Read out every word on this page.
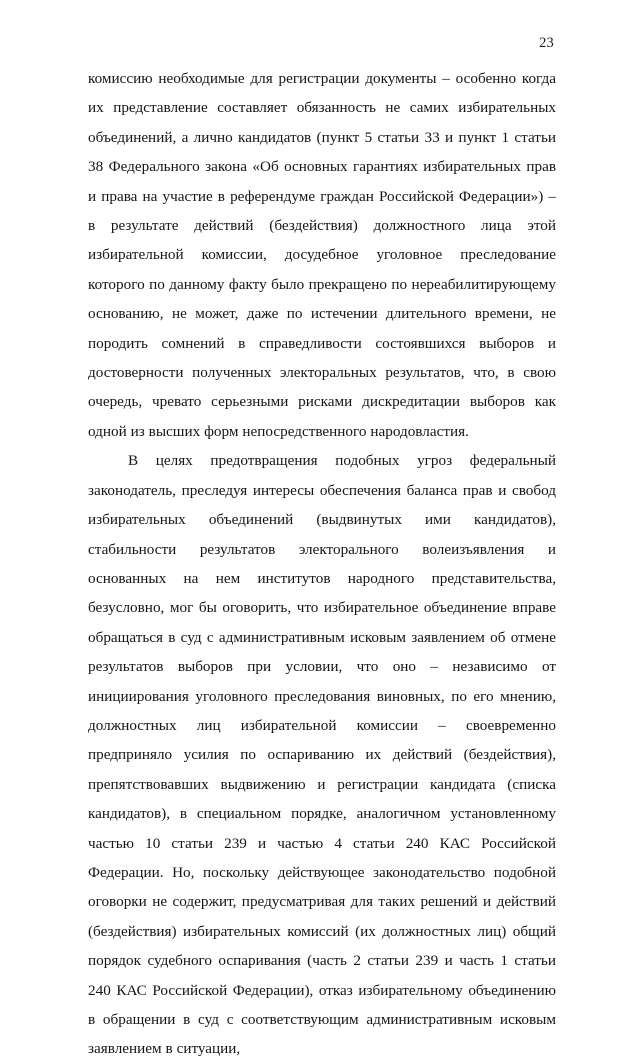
23

комиссию необходимые для регистрации документы – особенно когда их представление составляет обязанность не самих избирательных объединений, а лично кандидатов (пункт 5 статьи 33 и пункт 1 статьи 38 Федерального закона «Об основных гарантиях избирательных прав и права на участие в референдуме граждан Российской Федерации») – в результате действий (бездействия) должностного лица этой избирательной комиссии, досудебное уголовное преследование которого по данному факту было прекращено по нереабилитирующему основанию, не может, даже по истечении длительного времени, не породить сомнений в справедливости состоявшихся выборов и достоверности полученных электоральных результатов, что, в свою очередь, чревато серьезными рисками дискредитации выборов как одной из высших форм непосредственного народовластия.

В целях предотвращения подобных угроз федеральный законодатель, преследуя интересы обеспечения баланса прав и свобод избирательных объединений (выдвинутых ими кандидатов), стабильности результатов электорального волеизъявления и основанных на нем институтов народного представительства, безусловно, мог бы оговорить, что избирательное объединение вправе обращаться в суд с административным исковым заявлением об отмене результатов выборов при условии, что оно – независимо от инициирования уголовного преследования виновных, по его мнению, должностных лиц избирательной комиссии – своевременно предприняло усилия по оспариванию их действий (бездействия), препятствовавших выдвижению и регистрации кандидата (списка кандидатов), в специальном порядке, аналогичном установленному частью 10 статьи 239 и частью 4 статьи 240 КАС Российской Федерации. Но, поскольку действующее законодательство подобной оговорки не содержит, предусматривая для таких решений и действий (бездействия) избирательных комиссий (их должностных лиц) общий порядок судебного оспаривания (часть 2 статьи 239 и часть 1 статьи 240 КАС Российской Федерации), отказ избирательному объединению в обращении в суд с соответствующим административным исковым заявлением в ситуации,
